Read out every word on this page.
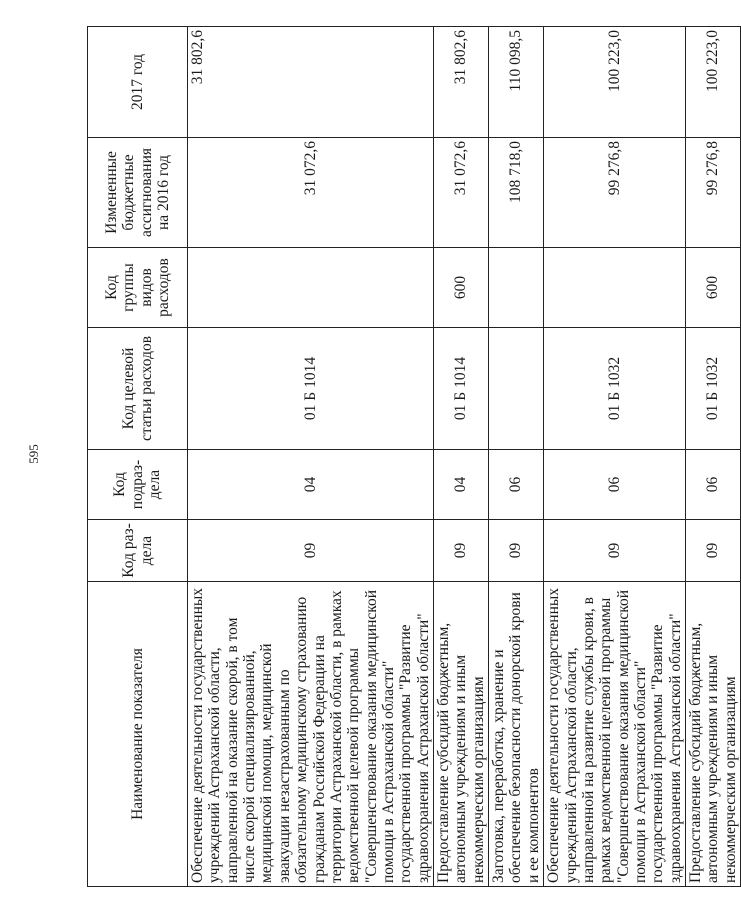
595
Наименование показателя	Код раз-дела	Код подраз-дела	Код целевой статьи расходов	Код группы видов расходов	Измененные бюджетные ассигнования на 2016 год	2017 год
Обеспечение деятельности государственных учреждений Астраханской области, направленной на оказание скорой, в том числе скорой специализированной, медицинской помощи, медицинской эвакуации незастрахованным по обязательному медицинскому страхованию гражданам Российской Федерации на территории Астраханской области, в рамках ведомственной целевой программы "Совершенствование оказания медицинской помощи в Астраханской области" государственной программы "Развитие здравоохранения Астраханской области"	09	04	01 Б 1014		31 072,6	31 802,6
Предоставление субсидий бюджетным, автономным учреждениям и иным некоммерческим организациям	09	04	01 Б 1014	600	31 072,6	31 802,6
Заготовка, переработка, хранение и обеспечение безопасности донорской крови и ее компонентов	09	06			108 718,0	110 098,5
Обеспечение деятельности государственных учреждений Астраханской области, направленной на развитие службы крови, в рамках ведомственной целевой программы "Совершенствование оказания медицинской помощи в Астраханской области" государственной программы "Развитие здравоохранения Астраханской области"	09	06	01 Б 1032		99 276,8	100 223,0
Предоставление субсидий бюджетным, автономным учреждениям и иным некоммерческим организациям	09	06	01 Б 1032	600	99 276,8	100 223,0
